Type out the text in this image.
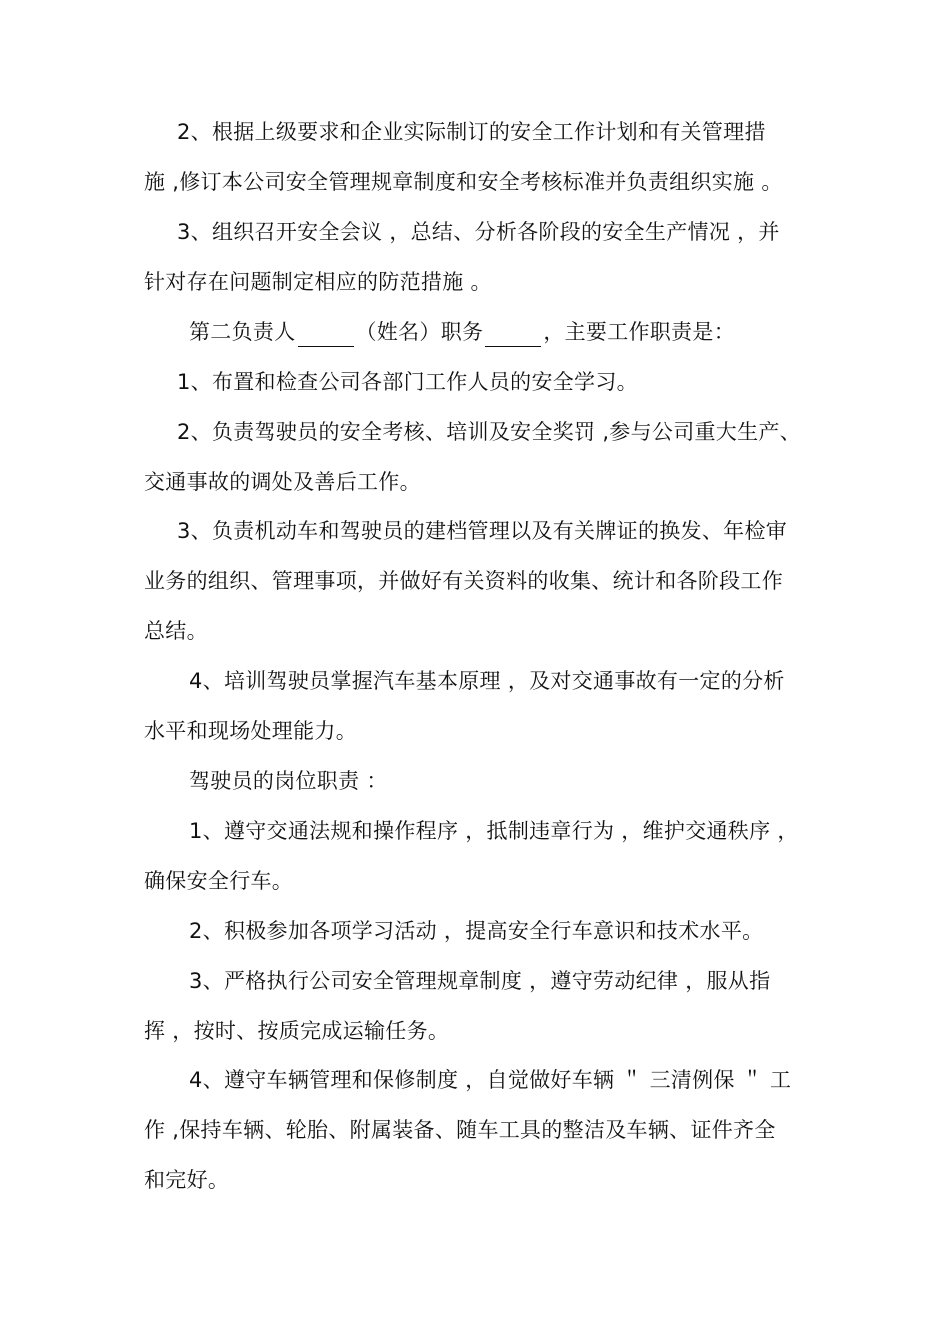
2、根据上级要求和企业实际制订的安全工作计划和有关管理措
施 ,修订本公司安全管理规章制度和安全考核标准并负责组织实施 。
3、组织召开安全会议 ，总结、分析各阶段的安全生产情况 ，并
针对存在问题制定相应的防范措施 。
第二负责人	（姓名）职务	，主要工作职责是：
1、布置和检查公司各部门工作人员的安全学习。
2、负责驾驶员的安全考核、培训及安全奖罚 ,参与公司重大生产、
交通事故的调处及善后工作。
3、负责机动车和驾驶员的建档管理以及有关牌证的换发、年检审
业务的组织、管理事项，并做好有关资料的收集、统计和各阶段工作
总结。
4、培训驾驶员掌握汽车基本原理 ，及对交通事故有一定的分析
水平和现场处理能力。
驾驶员的岗位职责 ：
1、遵守交通法规和操作程序 ，抵制违章行为 ，维护交通秩序 ，
确保安全行车。
2、积极参加各项学习活动 ，提高安全行车意识和技术水平。
3、严格执行公司安全管理规章制度 ，遵守劳动纪律 ，服从指
挥 ，按时、按质完成运输任务。
4、遵守车辆管理和保修制度 ，自觉做好车辆 ＂ 三清例保 ＂ 工
作 ,保持车辆、轮胎、附属装备、随车工具的整洁及车辆、证件齐全
和完好。
